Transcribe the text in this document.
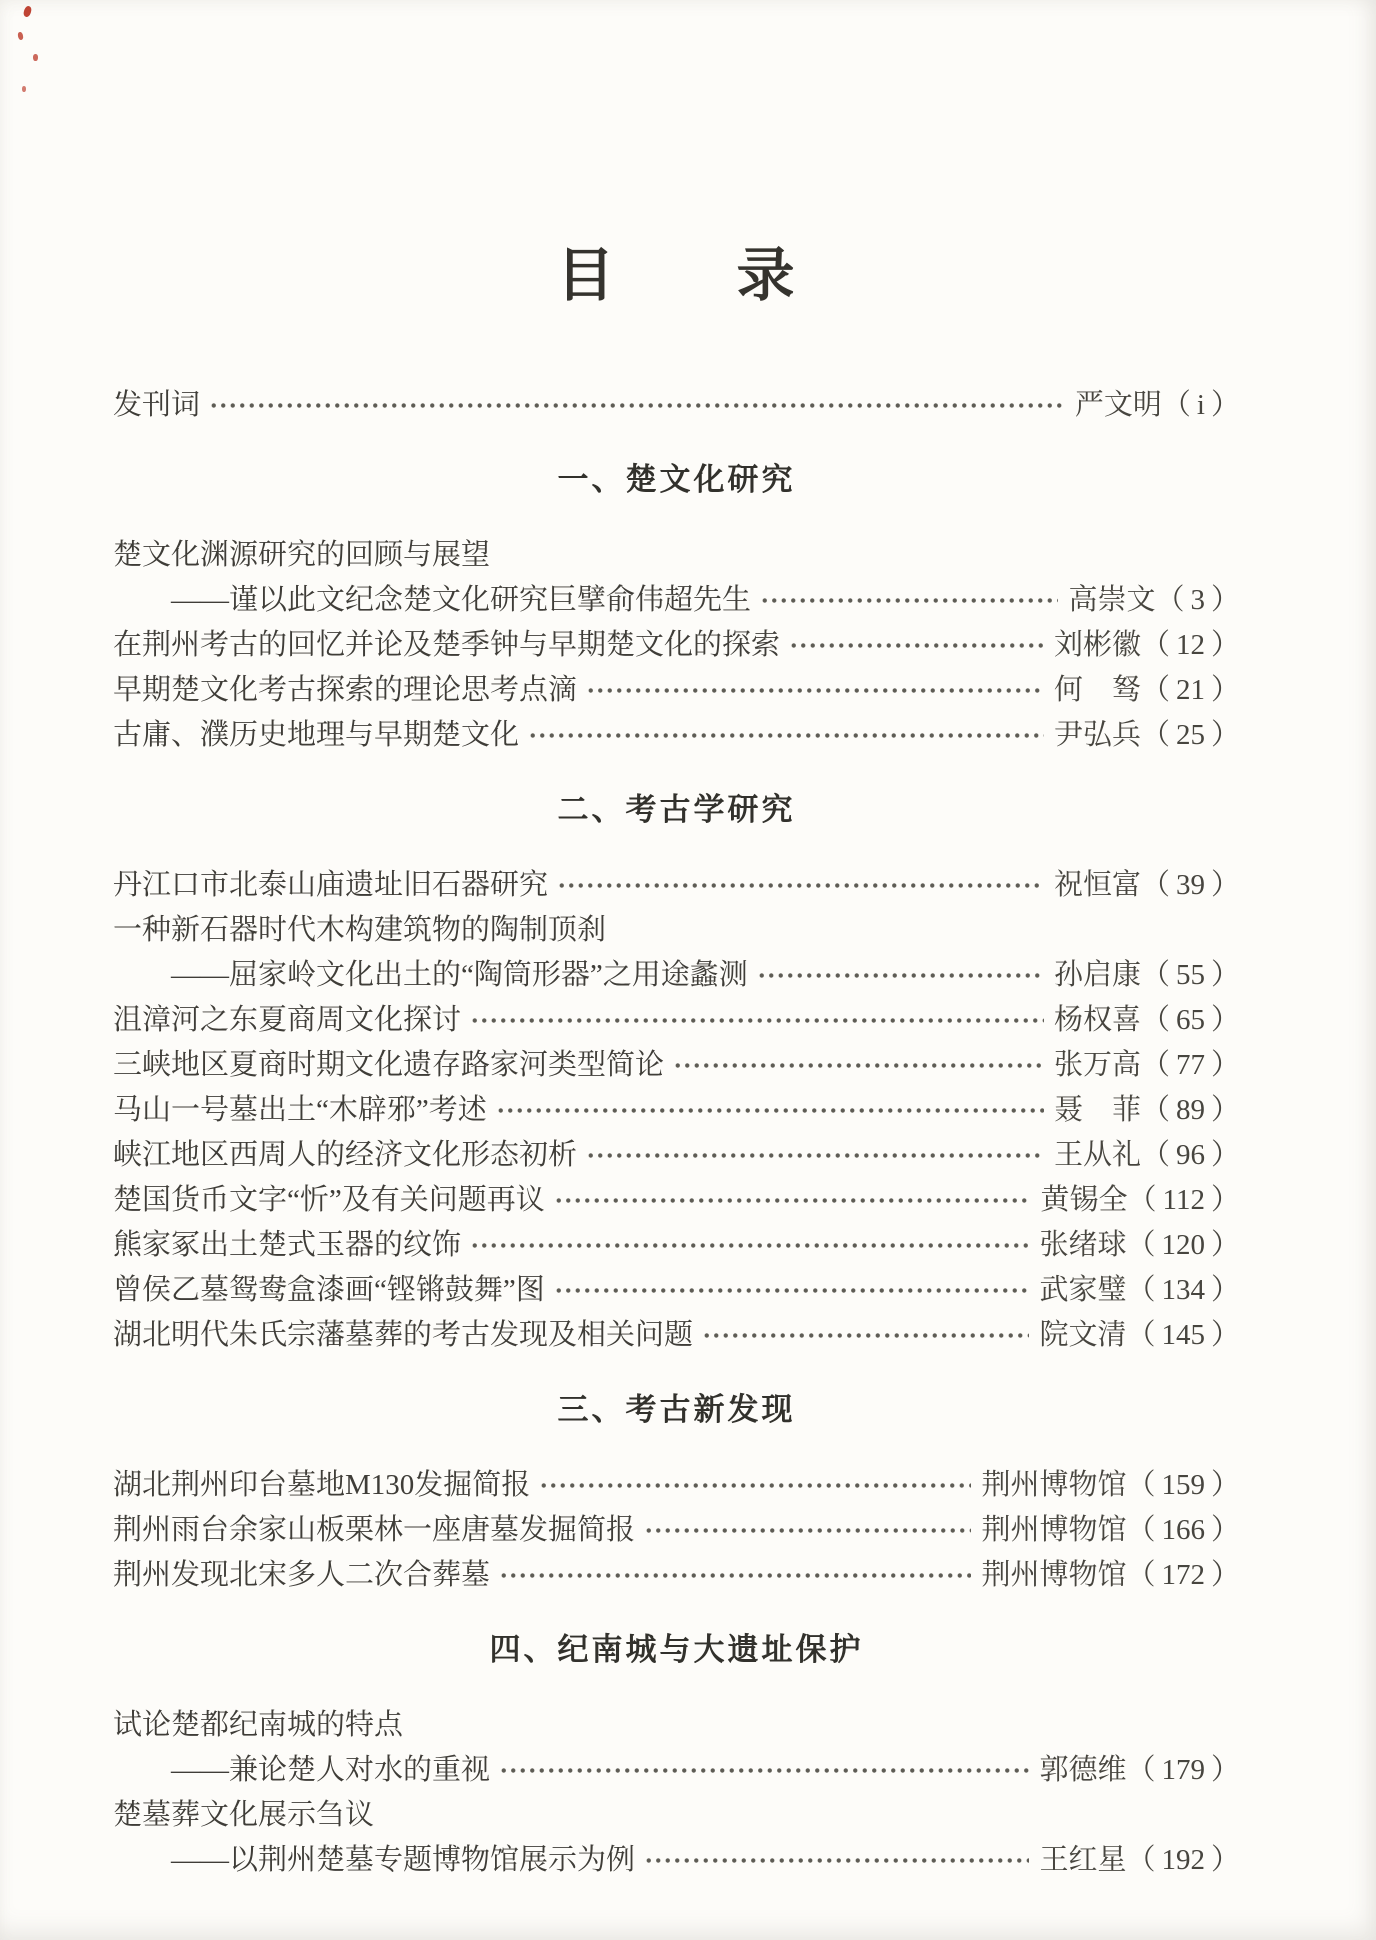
目　　录
发刊词	严文明 （ i ）
一、楚文化研究
楚文化渊源研究的回顾与展望
——谨以此文纪念楚文化研究巨擘俞伟超先生	高崇文 （ 3 ）
在荆州考古的回忆并论及楚季钟与早期楚文化的探索	刘彬徽 （ 12 ）
早期楚文化考古探索的理论思考点滴	何　驽 （ 21 ）
古庸、濮历史地理与早期楚文化	尹弘兵 （ 25 ）
二、考古学研究
丹江口市北泰山庙遗址旧石器研究	祝恒富 （ 39 ）
一种新石器时代木构建筑物的陶制顶刹
——屈家岭文化出土的“陶筒形器”之用途蠡测	孙启康 （ 55 ）
沮漳河之东夏商周文化探讨	杨权喜 （ 65 ）
三峡地区夏商时期文化遗存路家河类型简论	张万高 （ 77 ）
马山一号墓出土“木辟邪”考述	聂　菲 （ 89 ）
峡江地区西周人的经济文化形态初析	王从礼 （ 96 ）
楚国货币文字“忻”及有关问题再议	黄锡全 （ 112 ）
熊家冢出土楚式玉器的纹饰	张绪球 （ 120 ）
曾侯乙墓鸳鸯盒漆画“铿锵鼓舞”图	武家璧 （ 134 ）
湖北明代朱氏宗藩墓葬的考古发现及相关问题	院文清 （ 145 ）
三、考古新发现
湖北荆州印台墓地M130发掘简报	荆州博物馆 （ 159 ）
荆州雨台余家山板栗林一座唐墓发掘简报	荆州博物馆 （ 166 ）
荆州发现北宋多人二次合葬墓	荆州博物馆 （ 172 ）
四、纪南城与大遗址保护
试论楚都纪南城的特点
——兼论楚人对水的重视	郭德维 （ 179 ）
楚墓葬文化展示刍议
——以荆州楚墓专题博物馆展示为例	王红星 （ 192 ）
